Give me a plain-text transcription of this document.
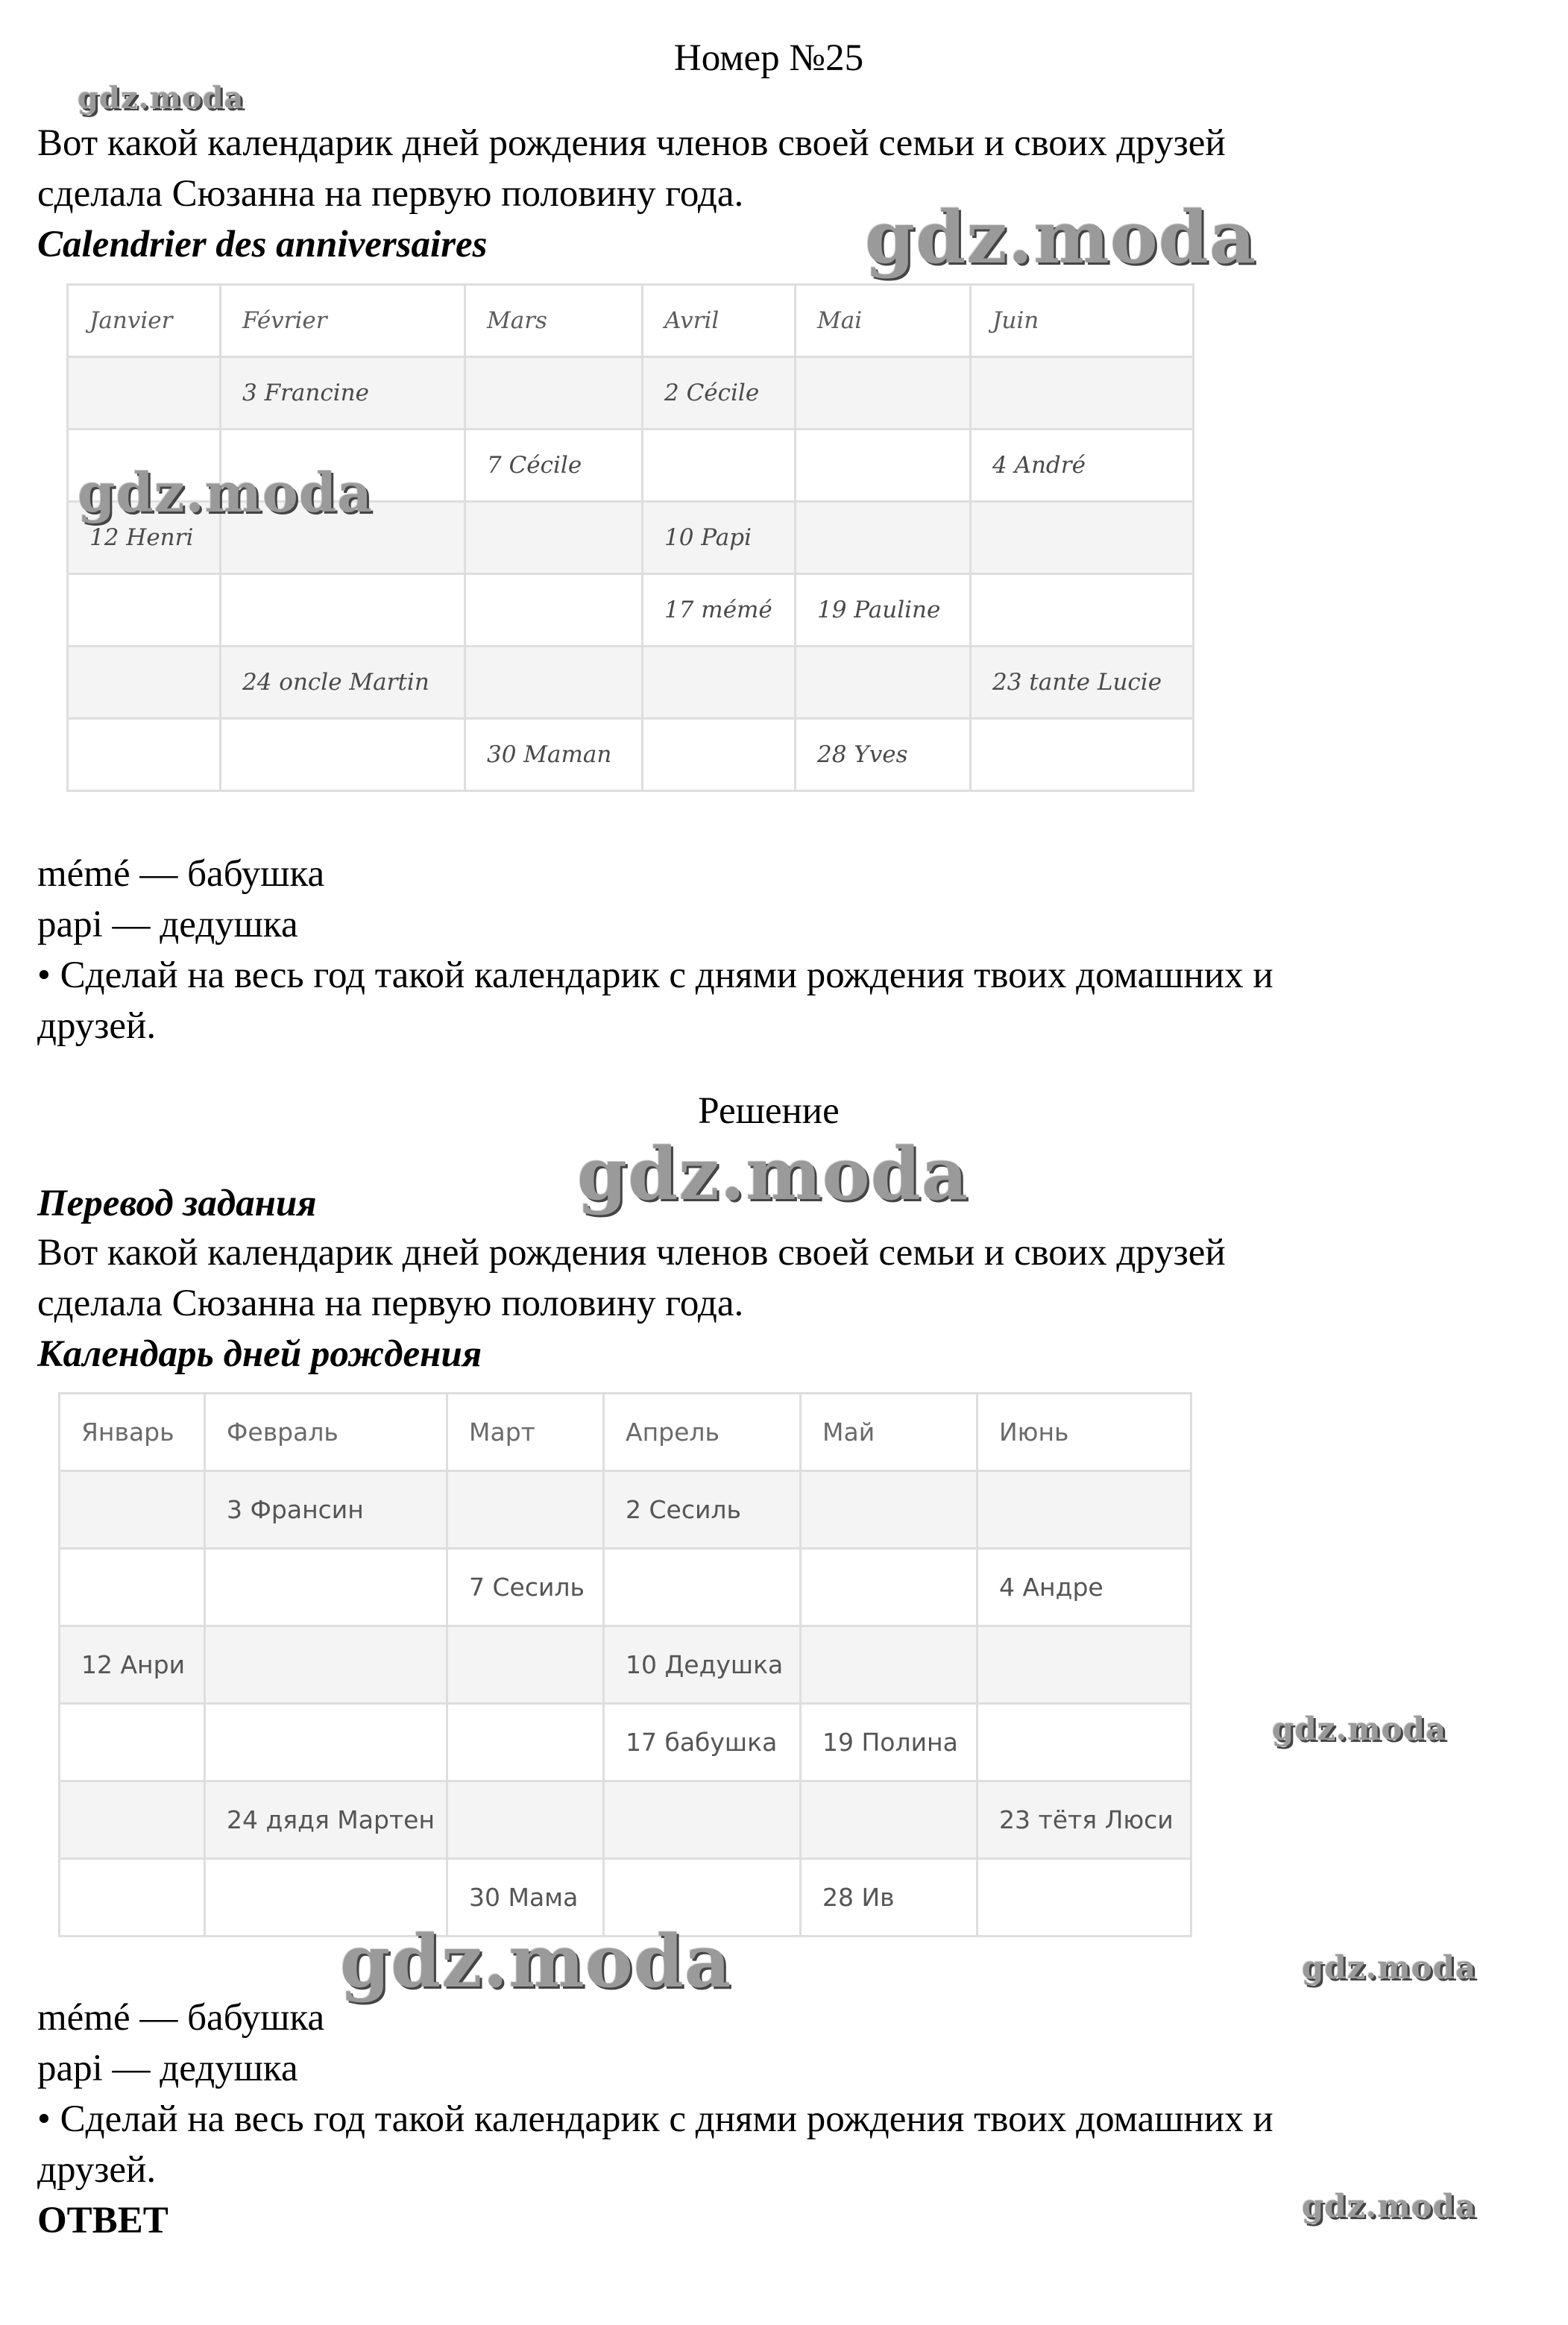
Номер №25
Вот какой календарик дней рождения членов своей семьи и своих друзей
сделала Сюзанна на первую половину года.
Calendrier des anniversaires
Janvier	Février	Mars	Avril	Mai	Juin
	3 Francine		2 Cécile		
		7 Cécile			4 André
12 Henri			10 Papi		
			17 mémé	19 Pauline	
	24 oncle Martin				23 tante Lucie
		30 Maman		28 Yves	
mémé — бабушка
papi — дедушка
• Сделай на весь год такой календарик с днями рождения твоих домашних и
друзей.
Решение
Перевод задания
Вот какой календарик дней рождения членов своей семьи и своих друзей
сделала Сюзанна на первую половину года.
Календарь дней рождения
Январь	Февраль	Март	Апрель	Май	Июнь
	3 Франсин		2 Сесиль		
		7 Сесиль			4 Андре
12 Анри			10 Дедушка		
			17 бабушка	19 Полина	
	24 дядя Мартен				23 тётя Люси
		30 Мама		28 Ив	
mémé — бабушка
papi — дедушка
• Сделай на весь год такой календарик с днями рождения твоих домашних и
друзей.
ОТВЕТ
gdz.moda
gdz.moda
gdz.moda
gdz.moda
gdz.moda
gdz.moda	gdz.moda
gdz.moda
